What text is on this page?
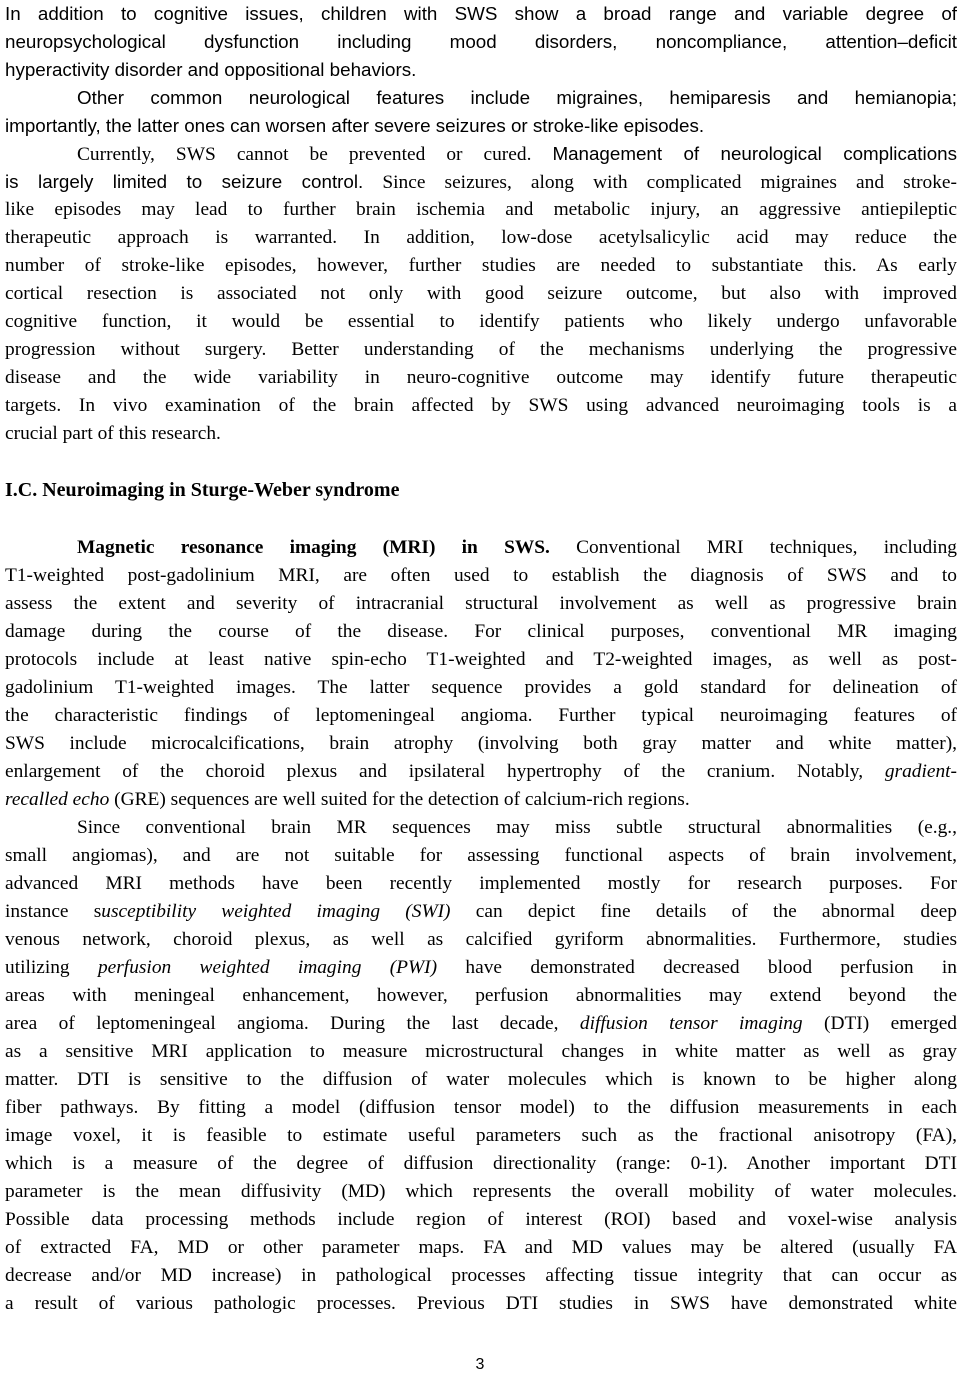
In addition to cognitive issues, children with SWS show a broad range and variable degree of
neuropsychological dysfunction including mood disorders, noncompliance, attention–deficit
hyperactivity disorder and oppositional behaviors.
Other common neurological features include migraines, hemiparesis and hemianopia;
importantly, the latter ones can worsen after severe seizures or stroke-like episodes.
Currently, SWS cannot be prevented or cured. Management of neurological complications
is largely limited to seizure control. Since seizures, along with complicated migraines and stroke-
like episodes may lead to further brain ischemia and metabolic injury, an aggressive antiepileptic
therapeutic approach is warranted. In addition, low-dose acetylsalicylic acid may reduce the
number of stroke-like episodes, however, further studies are needed to substantiate this. As early
cortical resection is associated not only with good seizure outcome, but also with improved
cognitive function, it would be essential to identify patients who likely undergo unfavorable
progression without surgery. Better understanding of the mechanisms underlying the progressive
disease and the wide variability in neuro-cognitive outcome may identify future therapeutic
targets. In vivo examination of the brain affected by SWS using advanced neuroimaging tools is a
crucial part of this research.
I.C. Neuroimaging in Sturge-Weber syndrome
Magnetic resonance imaging (MRI) in SWS. Conventional MRI techniques, including
T1-weighted post-gadolinium MRI, are often used to establish the diagnosis of SWS and to
assess the extent and severity of intracranial structural involvement as well as progressive brain
damage during the course of the disease. For clinical purposes, conventional MR imaging
protocols include at least native spin-echo T1-weighted and T2-weighted images, as well as post-
gadolinium T1-weighted images. The latter sequence provides a gold standard for delineation of
the characteristic findings of leptomeningeal angioma. Further typical neuroimaging features of
SWS include microcalcifications, brain atrophy (involving both gray matter and white matter),
enlargement of the choroid plexus and ipsilateral hypertrophy of the cranium. Notably, gradient-
recalled echo (GRE) sequences are well suited for the detection of calcium-rich regions.
Since conventional brain MR sequences may miss subtle structural abnormalities (e.g.,
small angiomas), and are not suitable for assessing functional aspects of brain involvement,
advanced MRI methods have been recently implemented mostly for research purposes. For
instance susceptibility weighted imaging (SWI) can depict fine details of the abnormal deep
venous network, choroid plexus, as well as calcified gyriform abnormalities. Furthermore, studies
utilizing perfusion weighted imaging (PWI) have demonstrated decreased blood perfusion in
areas with meningeal enhancement, however, perfusion abnormalities may extend beyond the
area of leptomeningeal angioma. During the last decade, diffusion tensor imaging (DTI) emerged
as a sensitive MRI application to measure microstructural changes in white matter as well as gray
matter. DTI is sensitive to the diffusion of water molecules which is known to be higher along
fiber pathways. By fitting a model (diffusion tensor model) to the diffusion measurements in each
image voxel, it is feasible to estimate useful parameters such as the fractional anisotropy (FA),
which is a measure of the degree of diffusion directionality (range: 0-1). Another important DTI
parameter is the mean diffusivity (MD) which represents the overall mobility of water molecules.
Possible data processing methods include region of interest (ROI) based and voxel-wise analysis
of extracted FA, MD or other parameter maps. FA and MD values may be altered (usually FA
decrease and/or MD increase) in pathological processes affecting tissue integrity that can occur as
a result of various pathologic processes. Previous DTI studies in SWS have demonstrated white
3
